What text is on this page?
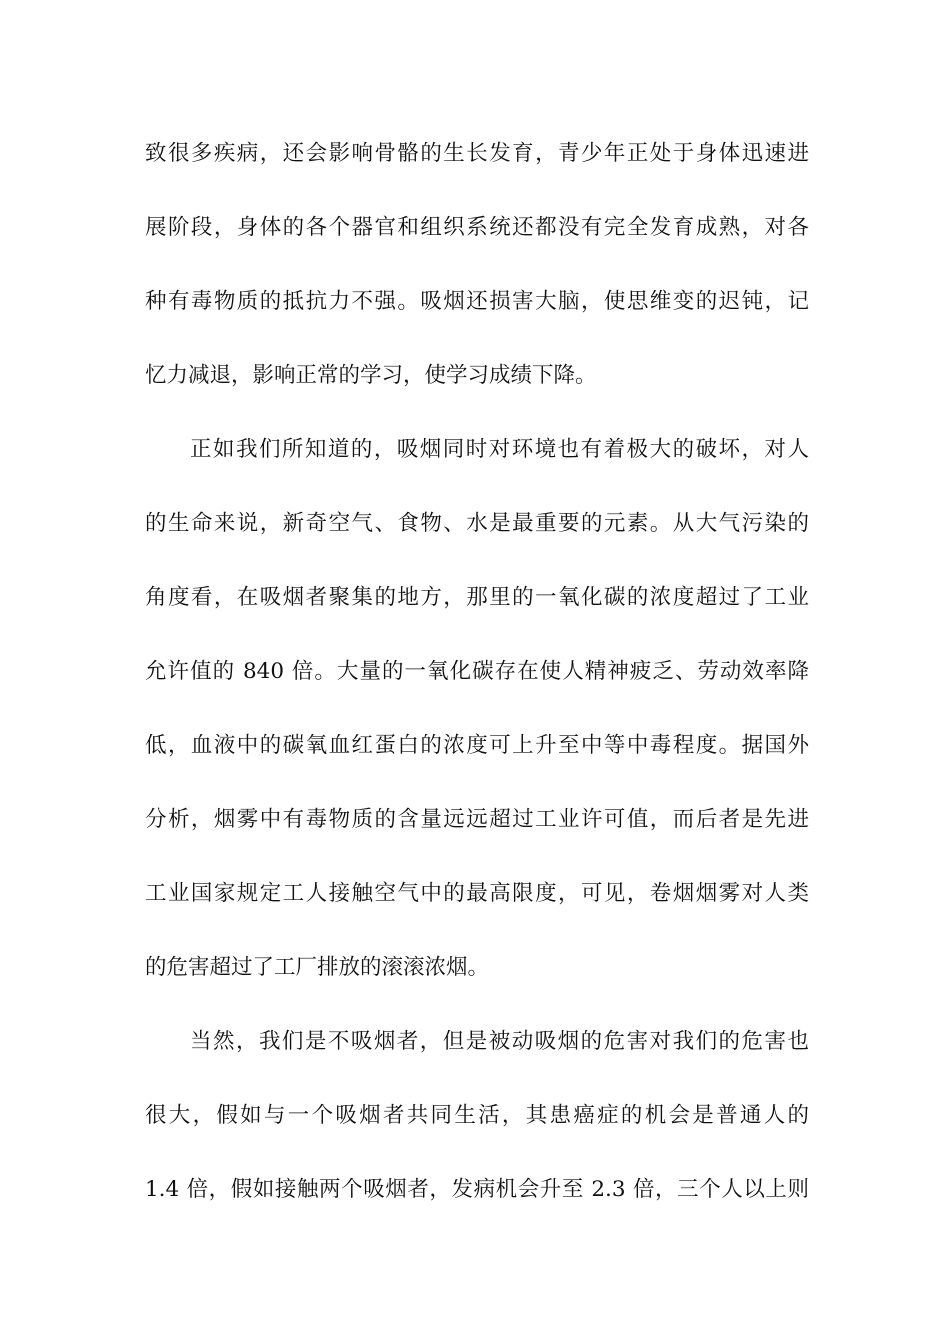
致很多疾病，还会影响骨骼的生长发育，青少年正处于身体迅速进
展阶段，身体的各个器官和组织系统还都没有完全发育成熟，对各
种有毒物质的抵抗力不强。吸烟还损害大脑，使思维变的迟钝，记
忆力减退，影响正常的学习，使学习成绩下降。
正如我们所知道的，吸烟同时对环境也有着极大的破坏，对人
的生命来说，新奇空气、食物、水是最重要的元素。从大气污染的
角度看，在吸烟者聚集的地方，那里的一氧化碳的浓度超过了工业
允许值的 840 倍。大量的一氧化碳存在使人精神疲乏、劳动效率降
低，血液中的碳氧血红蛋白的浓度可上升至中等中毒程度。据国外
分析，烟雾中有毒物质的含量远远超过工业许可值，而后者是先进
工业国家规定工人接触空气中的最高限度，可见，卷烟烟雾对人类
的危害超过了工厂排放的滚滚浓烟。
当然，我们是不吸烟者，但是被动吸烟的危害对我们的危害也
很大，假如与一个吸烟者共同生活，其患癌症的机会是普通人的
1.4 倍，假如接触两个吸烟者，发病机会升至 2.3 倍，三个人以上则
